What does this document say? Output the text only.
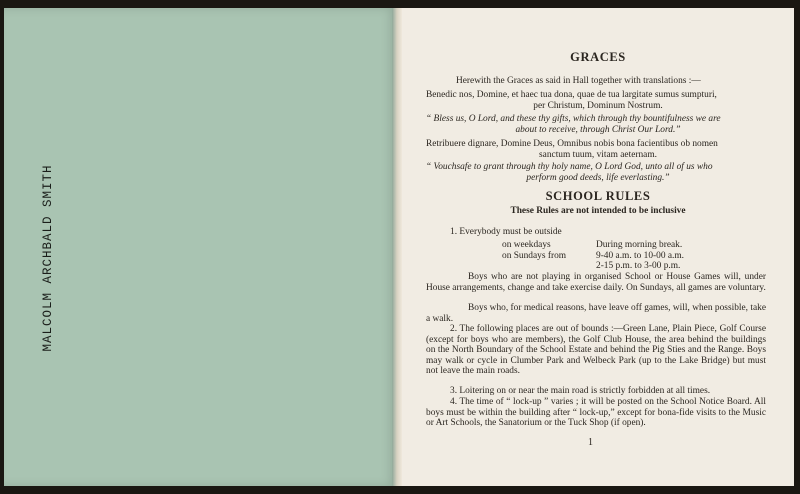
MALCOLM ARCHBALD SMITH
GRACES
Herewith the Graces as said in Hall together with translations :—
Benedic nos, Domine, et haec tua dona, quae de tua largitate sumus sumpturi,
per Christum, Dominum Nostrum.
“ Bless us, O Lord, and these thy gifts, which through thy bountifulness we are
about to receive, through Christ Our Lord.”
Retribuere dignare, Domine Deus, Omnibus nobis bona facientibus ob nomen
sanctum tuum, vitam aeternam.
“ Vouchsafe to grant through thy holy name, O Lord God, unto all of us who
perform good deeds, life everlasting.”
SCHOOL RULES
These Rules are not intended to be inclusive
1. Everybody must be outside
on weekdays
on Sundays from
During morning break.
9-40 a.m. to 10-00 a.m.
2-15 p.m. to 3-00 p.m.
Boys who are not playing in organised School or House Games will, under House arrangements, change and take exercise daily. On Sundays, all games are voluntary.
Boys who, for medical reasons, have leave off games, will, when possible, take a walk.
2. The following places are out of bounds :—Green Lane, Plain Piece, Golf Course (except for boys who are members), the Golf Club House, the area behind the buildings on the North Boundary of the School Estate and behind the Pig Sties and the Range. Boys may walk or cycle in Clumber Park and Welbeck Park (up to the Lake Bridge) but must not leave the main roads.
3. Loitering on or near the main road is strictly forbidden at all times.
4. The time of “ lock-up ” varies ; it will be posted on the School Notice Board. All boys must be within the building after “ lock-up,” except for bona-fide visits to the Music or Art Schools, the Sanatorium or the Tuck Shop (if open).
1
